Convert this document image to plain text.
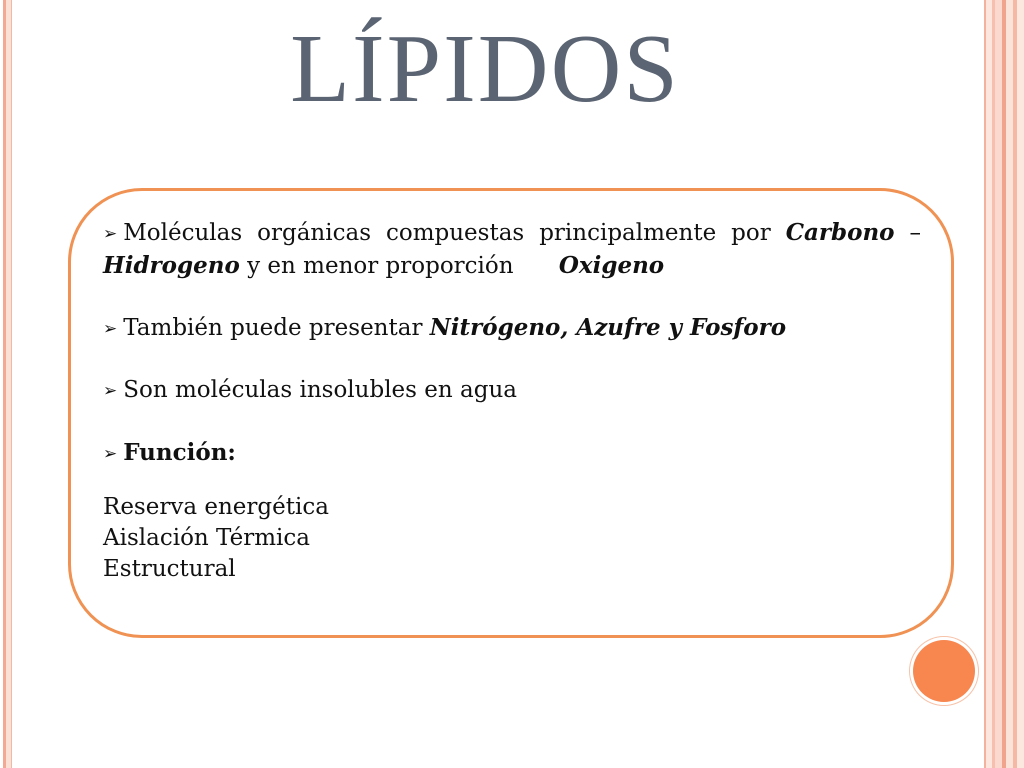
LÍPIDOS

➢ Moléculas orgánicas compuestas principalmente por Carbono – Hidrogeno y en menor proporción Oxigeno

➢ También puede presentar Nitrógeno, Azufre y Fosforo

➢ Son moléculas insolubles en agua

➢ Función:

Reserva energética
Aislación Térmica
Estructural
